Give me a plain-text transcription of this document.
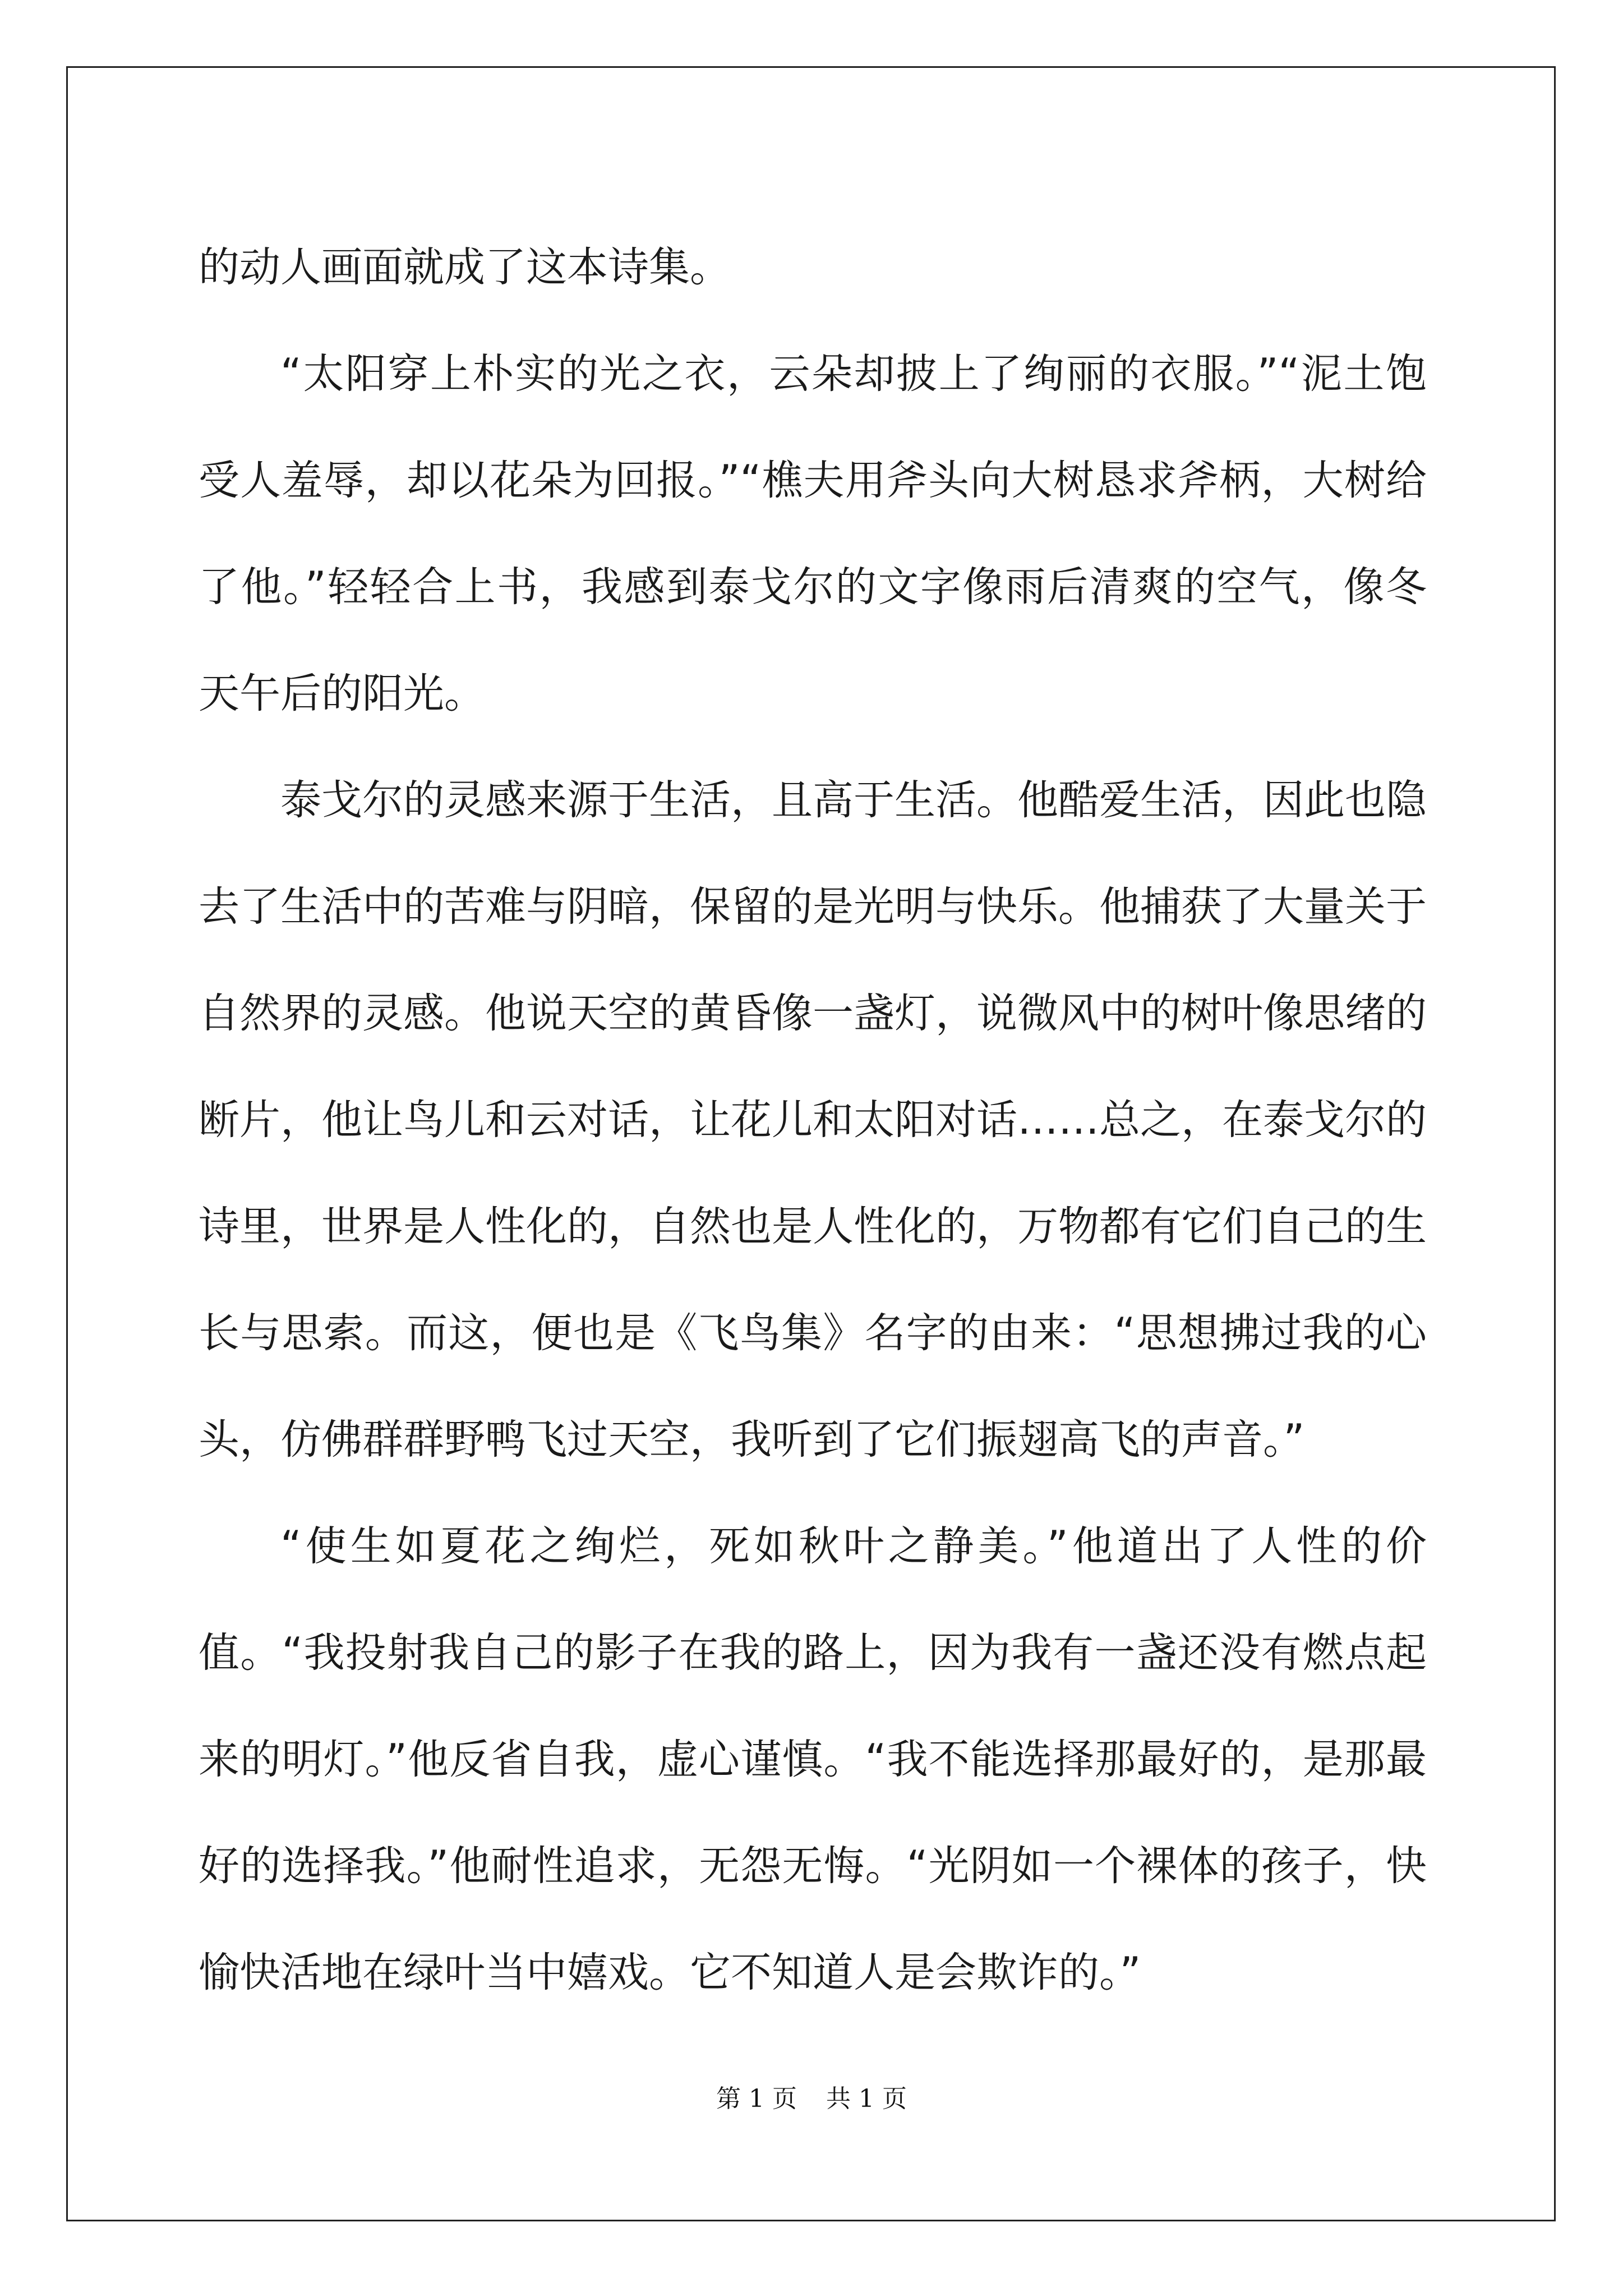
的动人画面就成了这本诗集。

“太阳穿上朴实的光之衣，云朵却披上了绚丽的衣服。”“泥土饱受人羞辱，却以花朵为回报。”“樵夫用斧头向大树恳求斧柄，大树给了他。”轻轻合上书，我感到泰戈尔的文字像雨后清爽的空气，像冬天午后的阳光。

泰戈尔的灵感来源于生活，且高于生活。他酷爱生活，因此也隐去了生活中的苦难与阴暗，保留的是光明与快乐。他捕获了大量关于自然界的灵感。他说天空的黄昏像一盏灯，说微风中的树叶像思绪的断片，他让鸟儿和云对话，让花儿和太阳对话……总之，在泰戈尔的诗里，世界是人性化的，自然也是人性化的，万物都有它们自己的生长与思索。而这，便也是《飞鸟集》名字的由来：“思想拂过我的心头，仿佛群群野鸭飞过天空，我听到了它们振翅高飞的声音。”

“使生如夏花之绚烂，死如秋叶之静美。”他道出了人性的价值。“我投射我自己的影子在我的路上，因为我有一盏还没有燃点起来的明灯。”他反省自我，虚心谨慎。“我不能选择那最好的，是那最好的选择我。”他耐性追求，无怨无悔。“光阴如一个裸体的孩子，快愉快活地在绿叶当中嬉戏。它不知道人是会欺诈的。”

第 1 页 共 1 页
